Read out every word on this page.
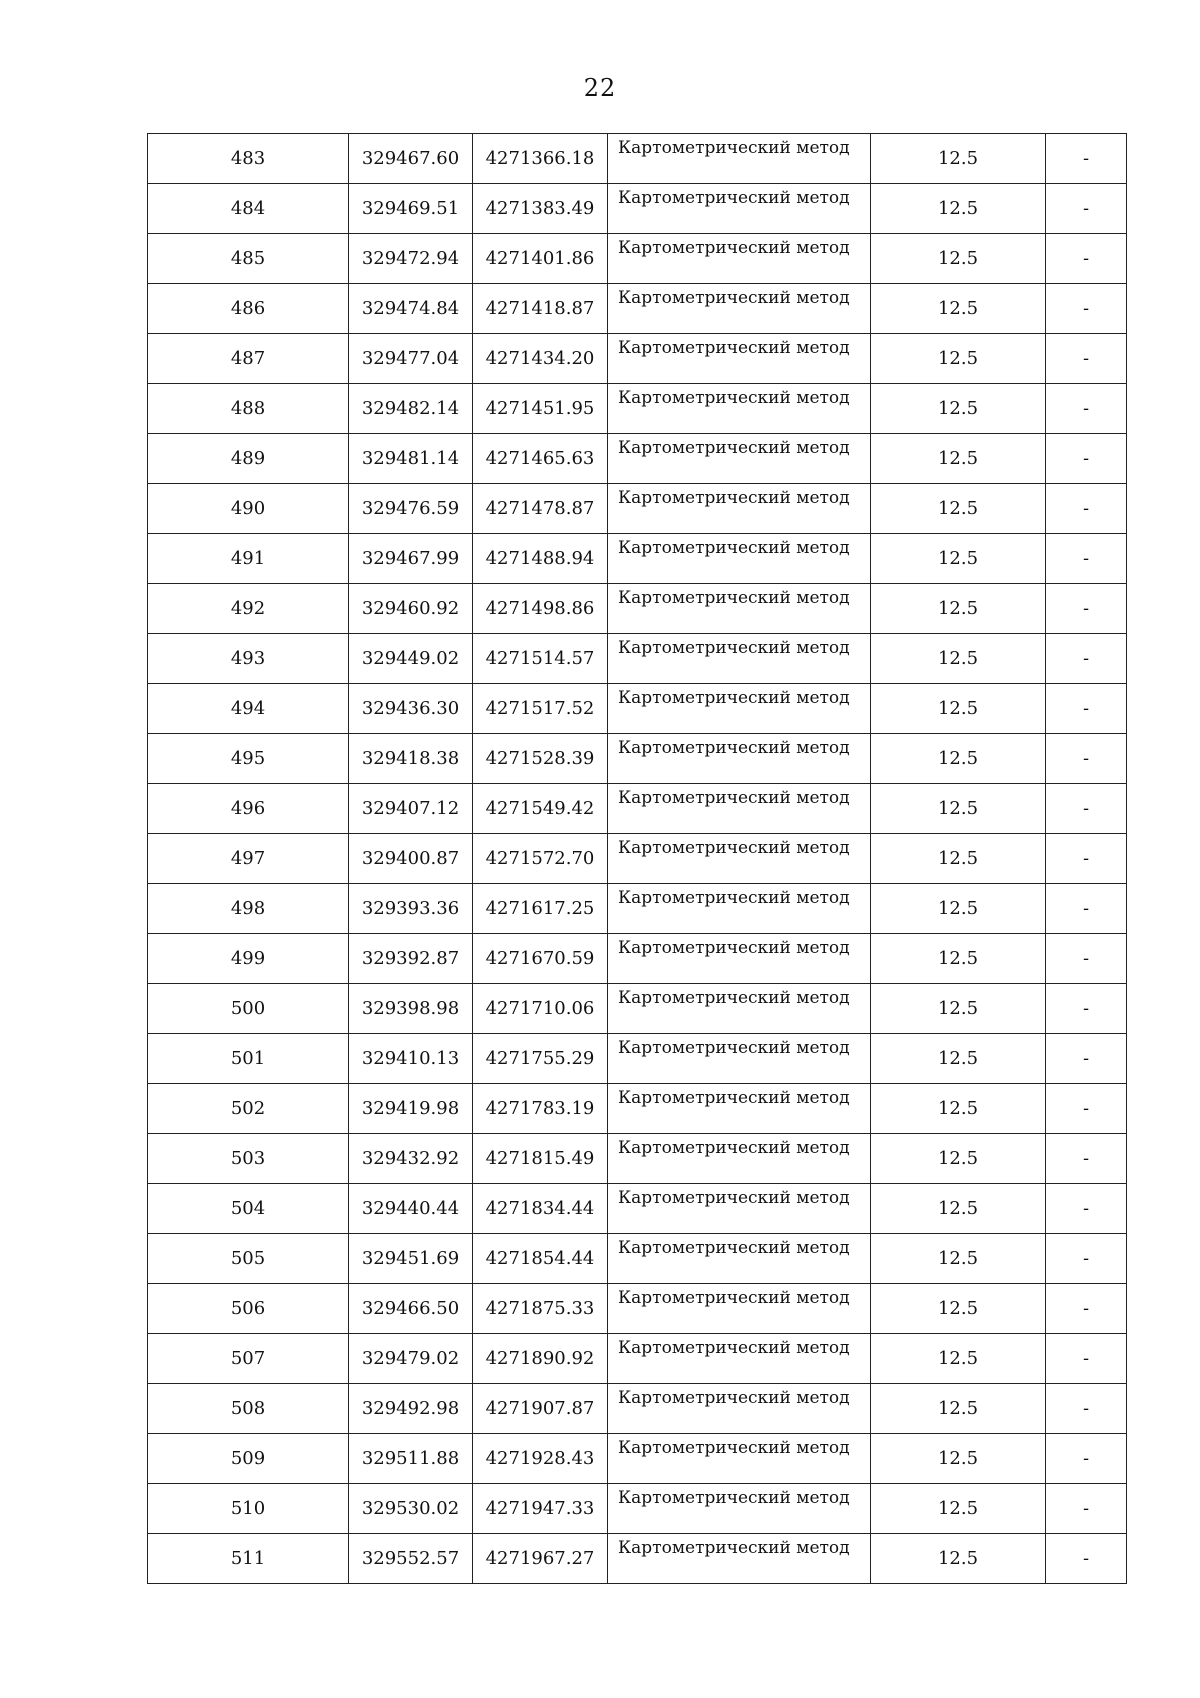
22
483	329467.60	4271366.18	Картометрический метод	12.5	-
484	329469.51	4271383.49	Картометрический метод	12.5	-
485	329472.94	4271401.86	Картометрический метод	12.5	-
486	329474.84	4271418.87	Картометрический метод	12.5	-
487	329477.04	4271434.20	Картометрический метод	12.5	-
488	329482.14	4271451.95	Картометрический метод	12.5	-
489	329481.14	4271465.63	Картометрический метод	12.5	-
490	329476.59	4271478.87	Картометрический метод	12.5	-
491	329467.99	4271488.94	Картометрический метод	12.5	-
492	329460.92	4271498.86	Картометрический метод	12.5	-
493	329449.02	4271514.57	Картометрический метод	12.5	-
494	329436.30	4271517.52	Картометрический метод	12.5	-
495	329418.38	4271528.39	Картометрический метод	12.5	-
496	329407.12	4271549.42	Картометрический метод	12.5	-
497	329400.87	4271572.70	Картометрический метод	12.5	-
498	329393.36	4271617.25	Картометрический метод	12.5	-
499	329392.87	4271670.59	Картометрический метод	12.5	-
500	329398.98	4271710.06	Картометрический метод	12.5	-
501	329410.13	4271755.29	Картометрический метод	12.5	-
502	329419.98	4271783.19	Картометрический метод	12.5	-
503	329432.92	4271815.49	Картометрический метод	12.5	-
504	329440.44	4271834.44	Картометрический метод	12.5	-
505	329451.69	4271854.44	Картометрический метод	12.5	-
506	329466.50	4271875.33	Картометрический метод	12.5	-
507	329479.02	4271890.92	Картометрический метод	12.5	-
508	329492.98	4271907.87	Картометрический метод	12.5	-
509	329511.88	4271928.43	Картометрический метод	12.5	-
510	329530.02	4271947.33	Картометрический метод	12.5	-
511	329552.57	4271967.27	Картометрический метод	12.5	-
